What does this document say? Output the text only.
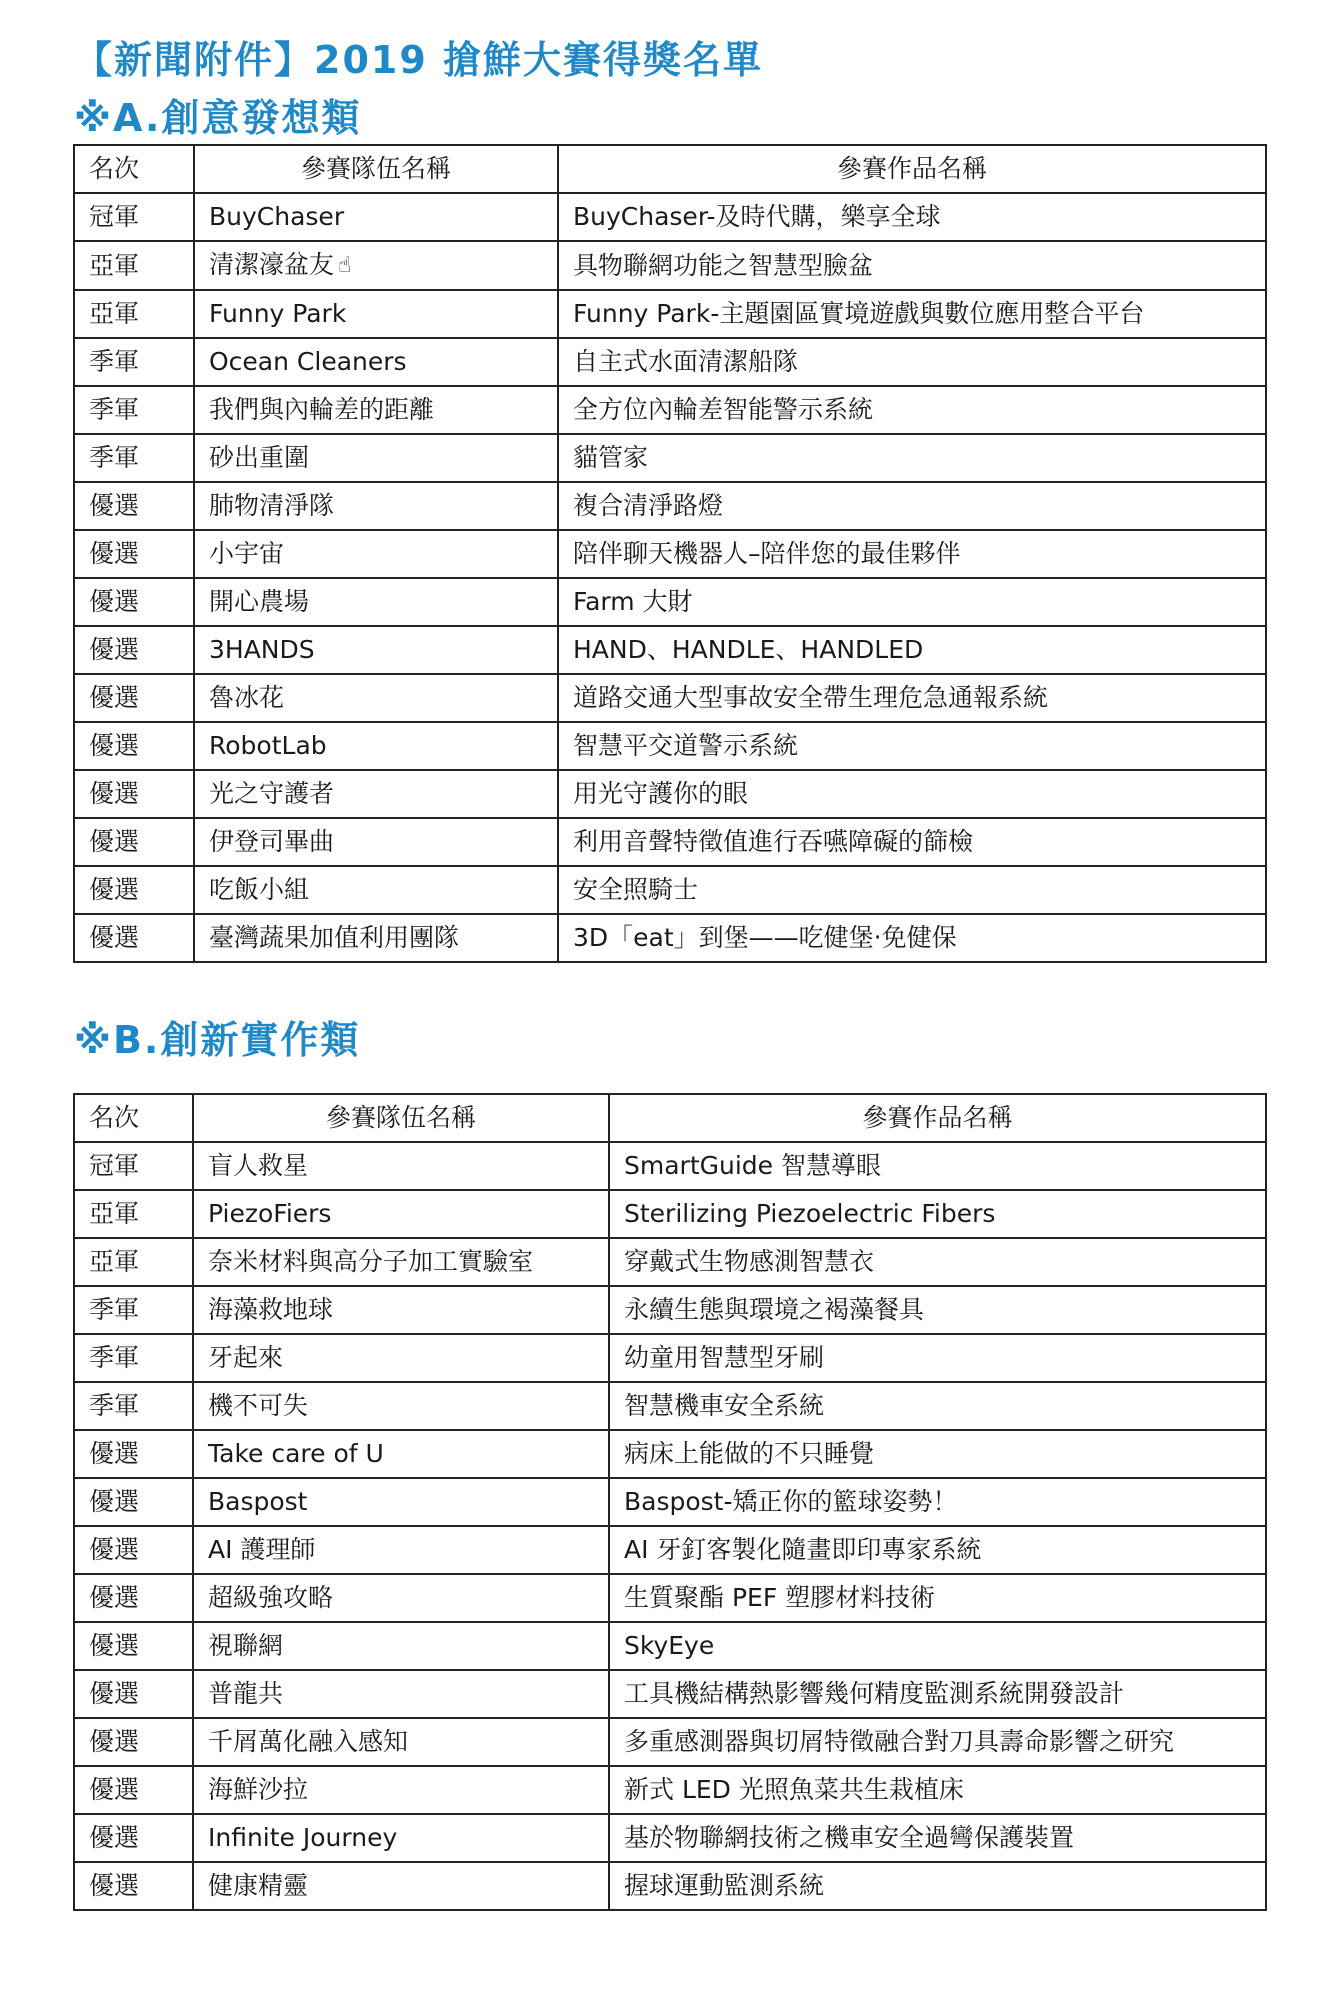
【新聞附件】2019 搶鮮大賽得獎名單
※A.創意發想類
名次	參賽隊伍名稱	參賽作品名稱
冠軍	BuyChaser	BuyChaser-及時代購，樂享全球
亞軍	清潔濠盆友 ☝	具物聯網功能之智慧型臉盆
亞軍	Funny Park	Funny Park-主題園區實境遊戲與數位應用整合平台
季軍	Ocean Cleaners	自主式水面清潔船隊
季軍	我們與內輪差的距離	全方位內輪差智能警示系統
季軍	砂出重圍	貓管家
優選	肺物清淨隊	複合清淨路燈
優選	小宇宙	陪伴聊天機器人–陪伴您的最佳夥伴
優選	開心農場	Farm 大財
優選	3HANDS	HAND、HANDLE、HANDLED
優選	魯冰花	道路交通大型事故安全帶生理危急通報系統
優選	RobotLab	智慧平交道警示系統
優選	光之守護者	用光守護你的眼
優選	伊登司畢曲	利用音聲特徵值進行吞嚥障礙的篩檢
優選	吃飯小組	安全照騎士
優選	臺灣蔬果加值利用團隊	3D「eat」到堡——吃健堡‧免健保
※B.創新實作類
名次	參賽隊伍名稱	參賽作品名稱
冠軍	盲人救星	SmartGuide 智慧導眼
亞軍	PiezoFiers	Sterilizing Piezoelectric Fibers
亞軍	奈米材料與高分子加工實驗室	穿戴式生物感測智慧衣
季軍	海藻救地球	永續生態與環境之褐藻餐具
季軍	牙起來	幼童用智慧型牙刷
季軍	機不可失	智慧機車安全系統
優選	Take care of U	病床上能做的不只睡覺
優選	Baspost	Baspost-矯正你的籃球姿勢！
優選	AI 護理師	AI 牙釘客製化隨畫即印專家系統
優選	超級強攻略	生質聚酯 PEF 塑膠材料技術
優選	視聯網	SkyEye
優選	普龍共	工具機結構熱影響幾何精度監測系統開發設計
優選	千屑萬化融入感知	多重感測器與切屑特徵融合對刀具壽命影響之研究
優選	海鮮沙拉	新式 LED 光照魚菜共生栽植床
優選	Infinite Journey	基於物聯網技術之機車安全過彎保護裝置
優選	健康精靈	握球運動監測系統
